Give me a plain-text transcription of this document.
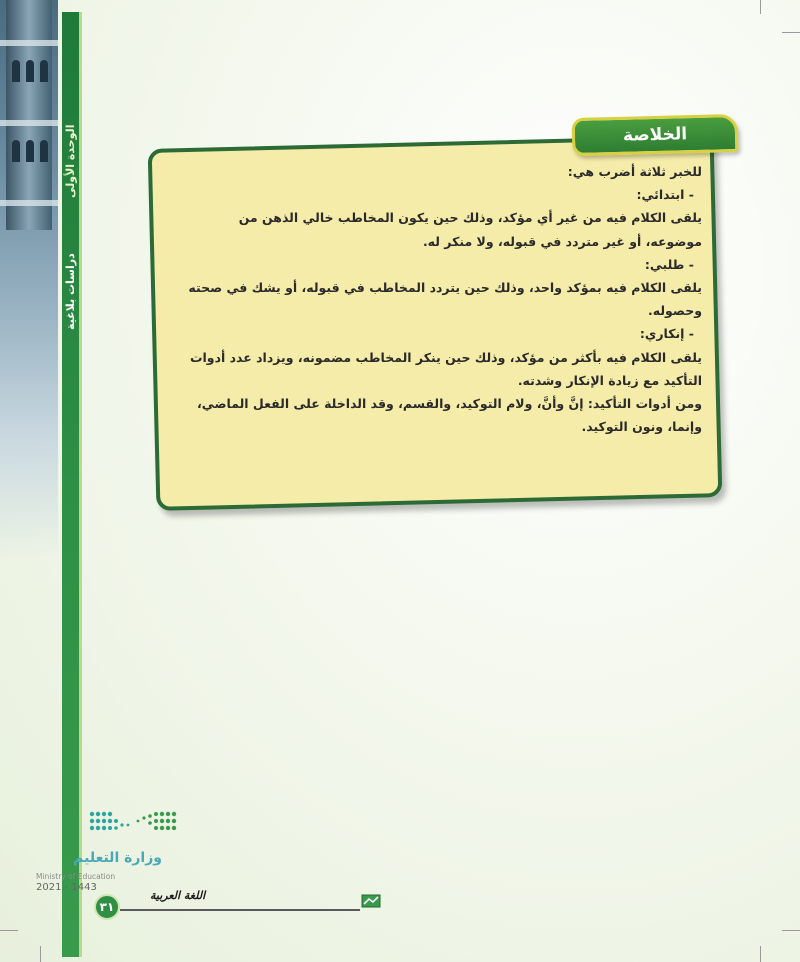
الوحدة الأولى
دراسات بلاغية
الخلاصة

للخبر ثلاثة أضرب هي:

- ابتدائي:

يلقى الكلام فيه من غير أي مؤكد، وذلك حين يكون المخاطب خالي الذهن من موضوعه، أو غير متردد في قبوله، ولا منكر له.

- طلبي:

يلقى الكلام فيه بمؤكد واحد، وذلك حين يتردد المخاطب في قبوله، أو يشك في صحته وحصوله.

- إنكاري:

يلقى الكلام فيه بأكثر من مؤكد، وذلك حين ينكر المخاطب مضمونه، ويزداد عدد أدوات التأكيد مع زيادة الإنكار وشدته.

ومن أدوات التأكيد: إنَّ وأنَّ، ولام التوكيد، والقسم، وقد الداخلة على الفعل الماضي، وإنما، ونون التوكيد.

وزارة التعليم
Ministry of Education
2021 - 1443
٣١
اللغة العربية
